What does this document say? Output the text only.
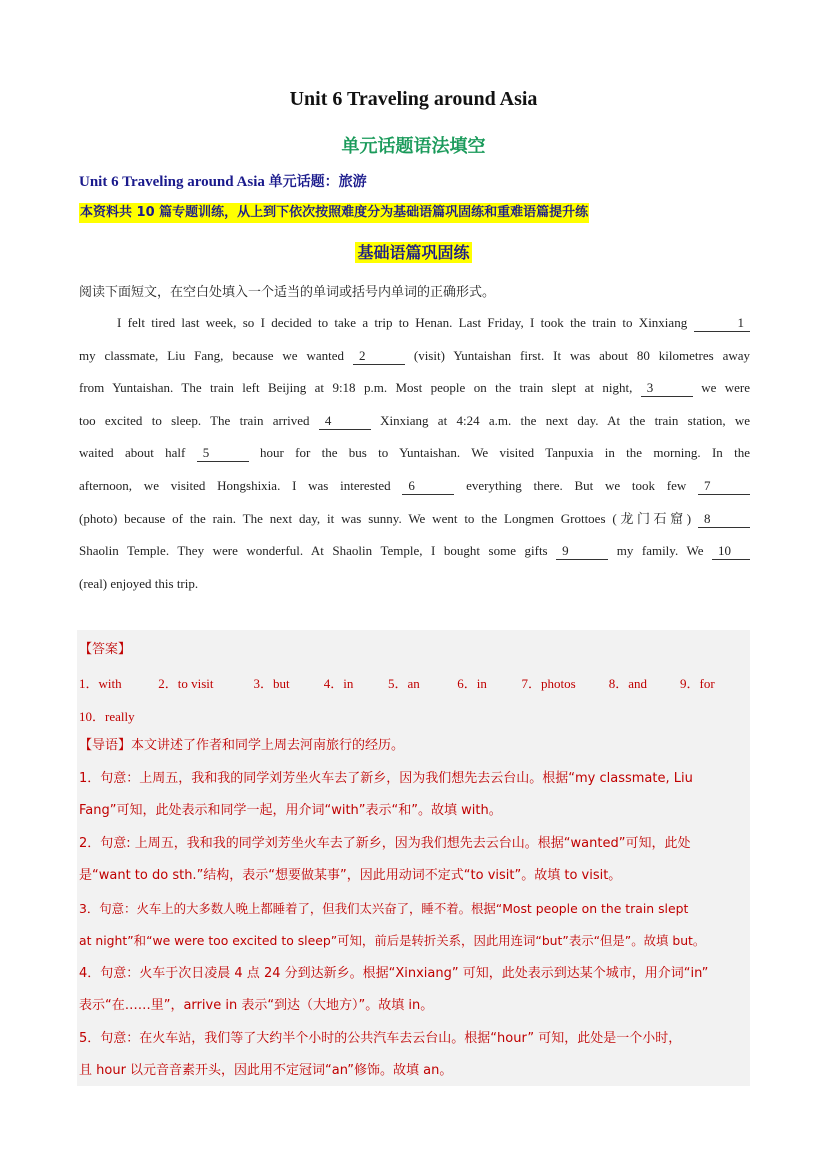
Unit 6 Traveling around Asia
单元话题语法填空
Unit 6 Traveling around Asia 单元话题：旅游
本资料共 10 篇专题训练，从上到下依次按照难度分为基础语篇巩固练和重难语篇提升练
基础语篇巩固练
阅读下面短文，在空白处填入一个适当的单词或括号内单词的正确形式。
I felt tired last week, so I decided to take a trip to Henan. Last Friday, I took the train to Xinxiang	1
my classmate, Liu Fang, because we wanted 2	(visit) Yuntaishan first. It was about 80 kilometres away
from Yuntaishan. The train left Beijing at 9:18 p.m. Most people on the train slept at night, 3	we were
too excited to sleep. The train arrived 4	Xinxiang at 4:24 a.m. the next day. At the train station, we
waited about half 5	hour for the bus to Yuntaishan. We visited Tanpuxia in the morning. In the
afternoon, we visited Hongshixia. I was interested 6	everything there. But we took few 7
(photo) because of the rain. The next day, it was sunny. We went to the Longmen Grottoes (龙门石窟) 8
Shaolin Temple. They were wonderful. At Shaolin Temple, I bought some gifts 9	my family. We 10
(real) enjoyed this trip.
【答案】
1．with	2．to visit	3．but	4．in	5．an	6．in	7．photos	8．and	9．for
10．really
【导语】本文讲述了作者和同学上周去河南旅行的经历。
1．句意：上周五，我和我的同学刘芳坐火车去了新乡，因为我们想先去云台山。根据“my classmate, Liu
Fang”可知，此处表示和同学一起，用介词“with”表示“和”。故填 with。
2．句意: 上周五，我和我的同学刘芳坐火车去了新乡，因为我们想先去云台山。根据“wanted”可知，此处
是“want to do sth.”结构，表示“想要做某事”，因此用动词不定式“to visit”。故填 to visit。
3．句意：火车上的大多数人晚上都睡着了，但我们太兴奋了，睡不着。根据“Most people on the train slept
at night”和“we were too excited to sleep”可知，前后是转折关系，因此用连词“but”表示“但是”。故填 but。
4．句意：火车于次日凌晨 4 点 24 分到达新乡。根据“Xinxiang” 可知，此处表示到达某个城市，用介词“in”
表示“在……里”，arrive in 表示“到达（大地方）”。故填 in。
5．句意：在火车站，我们等了大约半个小时的公共汽车去云台山。根据“hour” 可知，此处是一个小时，
且 hour 以元音音素开头，因此用不定冠词“an”修饰。故填 an。
